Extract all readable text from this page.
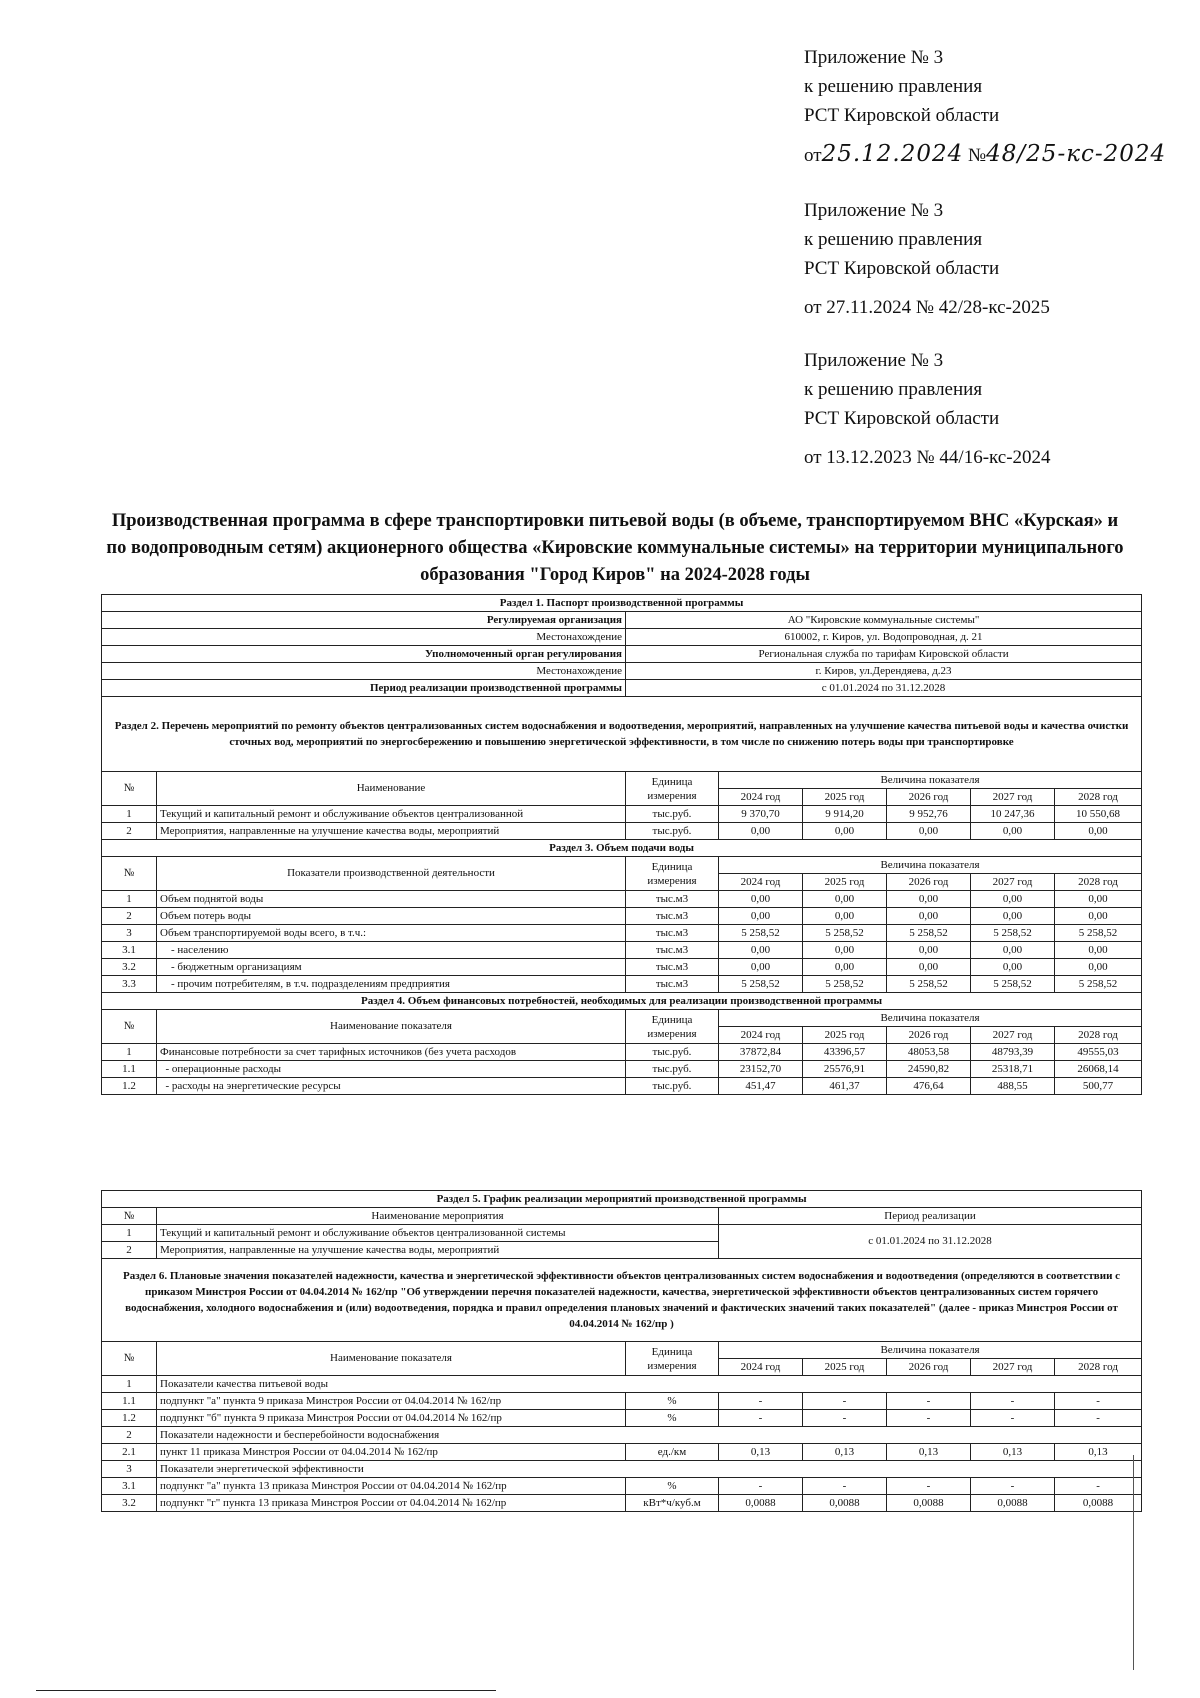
Приложение № 3
к решению правления
РСТ Кировской области
от25.12.2024 №48/25-кс-2024
Приложение № 3
к решению правления
РСТ Кировской области
от 27.11.2024 № 42/28-кс-2025
Приложение № 3
к решению правления
РСТ Кировской области
от 13.12.2023 № 44/16-кс-2024
Производственная программа в сфере транспортировки питьевой воды (в объеме, транспортируемом ВНС «Курская» и по водопроводным сетям) акционерного общества «Кировские коммунальные системы» на территории муниципального образования "Город Киров" на 2024-2028 годы
Раздел 1. Паспорт производственной программы							
Регулируемая организация		АО "Кировские коммунальные системы"					
Местонахождение		610002, г. Киров, ул. Водопроводная, д. 21					
Уполномоченный орган регулирования		Региональная служба по тарифам Кировской области					
Местонахождение		г. Киров, ул.Дерендяева, д.23					
Период реализации производственной программы		с 01.01.2024 по 31.12.2028					
Раздел 2. Перечень мероприятий по ремонту объектов централизованных систем водоснабжения и водоотведения, мероприятий, направленных на улучшение качества питьевой воды и качества очистки сточных вод, мероприятий по энергосбережению и повышению энергетической эффективности, в том числе по снижению потерь воды при транспортировке							
№	Наименование	Единица измерения	Величина показателя				
			2024 год	2025 год	2026 год	2027 год	2028 год
1	Текущий и капитальный ремонт и обслуживание объектов централизованной	тыс.руб.	9 370,70	9 914,20	9 952,76	10 247,36	10 550,68
2	Мероприятия, направленные на улучшение качества воды, мероприятий	тыс.руб.	0,00	0,00	0,00	0,00	0,00
Раздел 3. Объем подачи воды							
№	Показатели производственной деятельности	Единица измерения	Величина показателя				
			2024 год	2025 год	2026 год	2027 год	2028 год
1	Объем поднятой воды	тыс.м3	0,00	0,00	0,00	0,00	0,00
2	Объем потерь воды	тыс.м3	0,00	0,00	0,00	0,00	0,00
3	Объем транспортируемой воды всего, в т.ч.:	тыс.м3	5 258,52	5 258,52	5 258,52	5 258,52	5 258,52
3.1	- населению	тыс.м3	0,00	0,00	0,00	0,00	0,00
3.2	- бюджетным организациям	тыс.м3	0,00	0,00	0,00	0,00	0,00
3.3	- прочим потребителям, в т.ч. подразделениям предприятия	тыс.м3	5 258,52	5 258,52	5 258,52	5 258,52	5 258,52
Раздел 4. Объем финансовых потребностей, необходимых для реализации производственной программы							
№	Наименование показателя	Единица измерения	Величина показателя				
			2024 год	2025 год	2026 год	2027 год	2028 год
1	Финансовые потребности за счет тарифных источников (без учета расходов	тыс.руб.	37872,84	43396,57	48053,58	48793,39	49555,03
1.1	- операционные расходы	тыс.руб.	23152,70	25576,91	24590,82	25318,71	26068,14
1.2	- расходы на энергетические ресурсы	тыс.руб.	451,47	461,37	476,64	488,55	500,77
Раздел 5. График реализации мероприятий производственной программы							
№	Наименование мероприятия		Период реализации				
1	Текущий и капитальный ремонт и обслуживание объектов централизованной системы		с 01.01.2024 по 31.12.2028				
2	Мероприятия, направленные на улучшение качества воды, мероприятий						
Раздел 6. Плановые значения показателей надежности, качества и энергетической эффективности объектов централизованных систем водоснабжения и водоотведения (определяются в соответствии с приказом Минстроя России от 04.04.2014 № 162/пр "Об утверждении перечня показателей надежности, качества, энергетической эффективности объектов централизованных систем горячего водоснабжения, холодного водоснабжения и (или) водоотведения, порядка и правил определения плановых значений и фактических значений таких показателей" (далее - приказ Минстроя России от 04.04.2014 № 162/пр )							
№	Наименование показателя	Единица измерения	Величина показателя				
			2024 год	2025 год	2026 год	2027 год	2028 год
1	Показатели качества питьевой воды						
1.1	подпункт "а" пункта 9 приказа Минстроя России от 04.04.2014 № 162/пр	%	-	-	-	-	-
1.2	подпункт "б" пункта 9 приказа Минстроя России от 04.04.2014 № 162/пр	%	-	-	-	-	-
2	Показатели надежности и бесперебойности водоснабжения						
2.1	пункт 11 приказа Минстроя России от 04.04.2014 № 162/пр	ед./км	0,13	0,13	0,13	0,13	0,13
3	Показатели энергетической эффективности						
3.1	подпункт "а" пункта 13 приказа Минстроя России от 04.04.2014 № 162/пр	%	-	-	-	-	-
3.2	подпункт "г" пункта 13 приказа Минстроя России от 04.04.2014 № 162/пр	кВт*ч/куб.м	0,0088	0,0088	0,0088	0,0088	0,0088
